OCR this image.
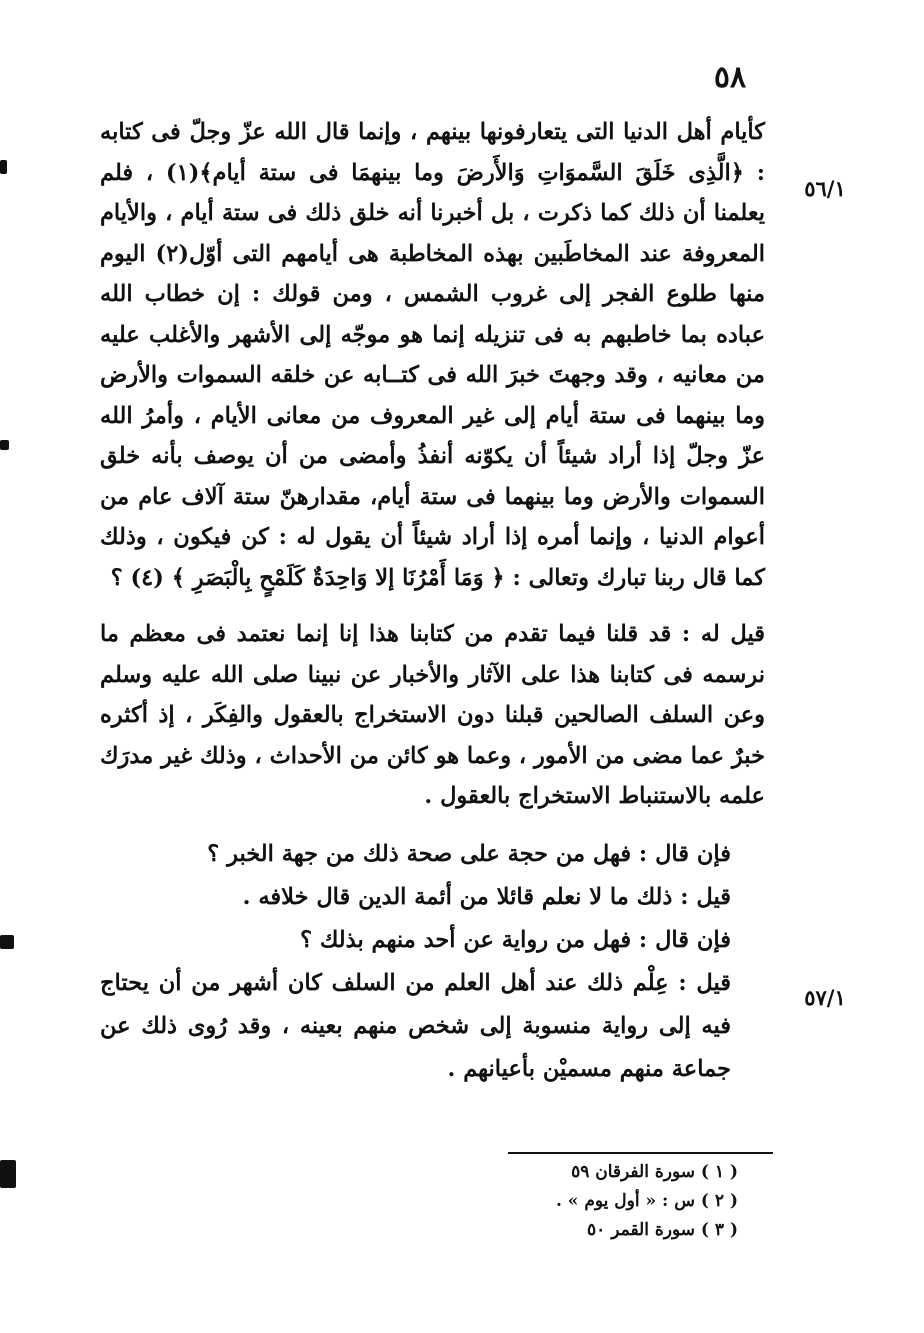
٥٨
٥٦/١
٥٧/١

كأيام أهل الدنيا التى يتعارفونها بينهم ، وإنما قال الله عزّ وجلّ فى كتابه : ﴿الَّذِى خَلَقَ السَّموَاتِ وَالأَرضَ وما بينهمَا فى ستة أيام﴾(١) ، فلم يعلمنا أن ذلك كما ذكرت ، بل أخبرنا أنه خلق ذلك فى ستة أيام ، والأيام المعروفة عند المخاطَبين بهذه المخاطبة هى أيامهم التى أوّل(٢) اليوم منها طلوع الفجر إلى غروب الشمس ، ومن قولك : إن خطاب الله عباده بما خاطبهم به فى تنزيله إنما هو موجّه إلى الأشهر والأغلب عليه من معانيه ، وقد وجهتَ خبرَ الله فى كتــابه عن خلقه السموات والأرض وما بينهما فى ستة أيام إلى غير المعروف من معانى الأيام ، وأمرُ الله عزّ وجلّ إذا أراد شيئاً أن يكوّنه أنفذُ وأمضى من أن يوصف بأنه خلق السموات والأرض وما بينهما فى ستة أيام، مقدارهنّ ستة آلاف عام من أعوام الدنيا ، وإنما أمره إذا أراد شيئاً أن يقول له : كن فيكون ، وذلك كما قال ربنا تبارك وتعالى : ﴿ وَمَا أَمْرُنَا إلا وَاحِدَةٌ كَلَمْحٍ بِالْبَصَرِ ﴾ (٤) ؟

قيل له : قد قلنا فيما تقدم من كتابنا هذا إنا إنما نعتمد فى معظم ما نرسمه فى كتابنا هذا على الآثار والأخبار عن نبينا صلى الله عليه وسلم وعن السلف الصالحين قبلنا دون الاستخراج بالعقول والفِكَر ، إذ أكثره خبرٌ عما مضى من الأمور ، وعما هو كائن من الأحداث ، وذلك غير مدرَك علمه بالاستنباط الاستخراج بالعقول .

فإن قال : فهل من حجة على صحة ذلك من جهة الخبر ؟

قيل : ذلك ما لا نعلم قائلا من أئمة الدين قال خلافه .

فإن قال : فهل من رواية عن أحد منهم بذلك ؟

قيل : عِلْم ذلك عند أهل العلم من السلف كان أشهر من أن يحتاج فيه إلى رواية منسوبة إلى شخص منهم بعينه ، وقد رُوى ذلك عن جماعة منهم مسميْن بأعيانهم .

( ١ ) سورة الفرقان ٥٩
( ٢ ) س : « أول يوم » .
( ٣ ) سورة القمر ٥٠
